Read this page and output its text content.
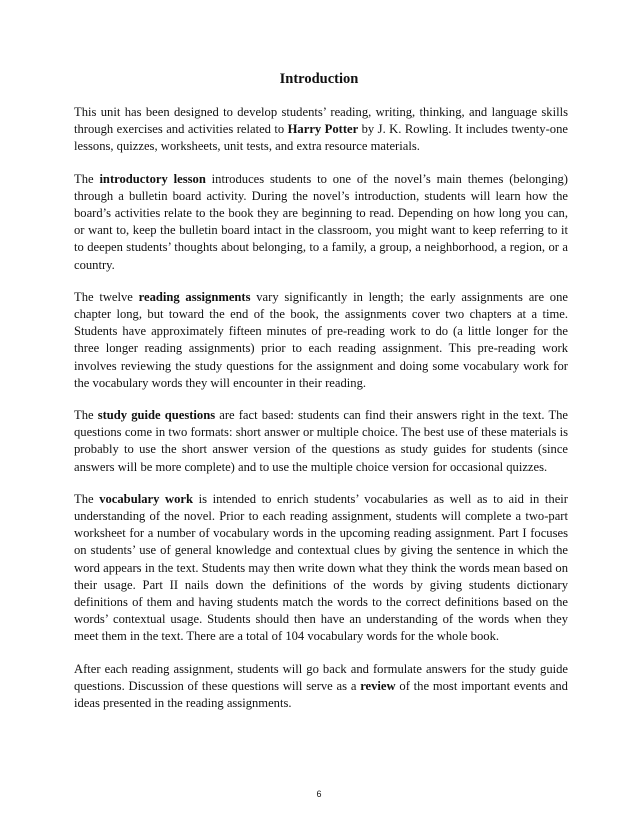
Introduction

This unit has been designed to develop students’ reading, writing, thinking, and language skills through exercises and activities related to Harry Potter by J. K. Rowling. It includes twenty-one lessons, quizzes, worksheets, unit tests, and extra resource materials.

The introductory lesson introduces students to one of the novel’s main themes (belonging) through a bulletin board activity. During the novel’s introduction, students will learn how the board’s activities relate to the book they are beginning to read. Depending on how long you can, or want to, keep the bulletin board intact in the classroom, you might want to keep referring to it to deepen students’ thoughts about belonging, to a family, a group, a neighborhood, a region, or a country.

The twelve reading assignments vary significantly in length; the early assignments are one chapter long, but toward the end of the book, the assignments cover two chapters at a time. Students have approximately fifteen minutes of pre-reading work to do (a little longer for the three longer reading assignments) prior to each reading assignment. This pre-reading work involves reviewing the study questions for the assignment and doing some vocabulary work for the vocabulary words they will encounter in their reading.

The study guide questions are fact based: students can find their answers right in the text. The questions come in two formats: short answer or multiple choice. The best use of these materials is probably to use the short answer version of the questions as study guides for students (since answers will be more complete) and to use the multiple choice version for occasional quizzes.

The vocabulary work is intended to enrich students’ vocabularies as well as to aid in their understanding of the novel. Prior to each reading assignment, students will complete a two-part worksheet for a number of vocabulary words in the upcoming reading assignment. Part I focuses on students’ use of general knowledge and contextual clues by giving the sentence in which the word appears in the text. Students may then write down what they think the words mean based on their usage. Part II nails down the definitions of the words by giving students dictionary definitions of them and having students match the words to the correct definitions based on the words’ contextual usage. Students should then have an understanding of the words when they meet them in the text. There are a total of 104 vocabulary words for the whole book.

After each reading assignment, students will go back and formulate answers for the study guide questions. Discussion of these questions will serve as a review of the most important events and ideas presented in the reading assignments.

6
